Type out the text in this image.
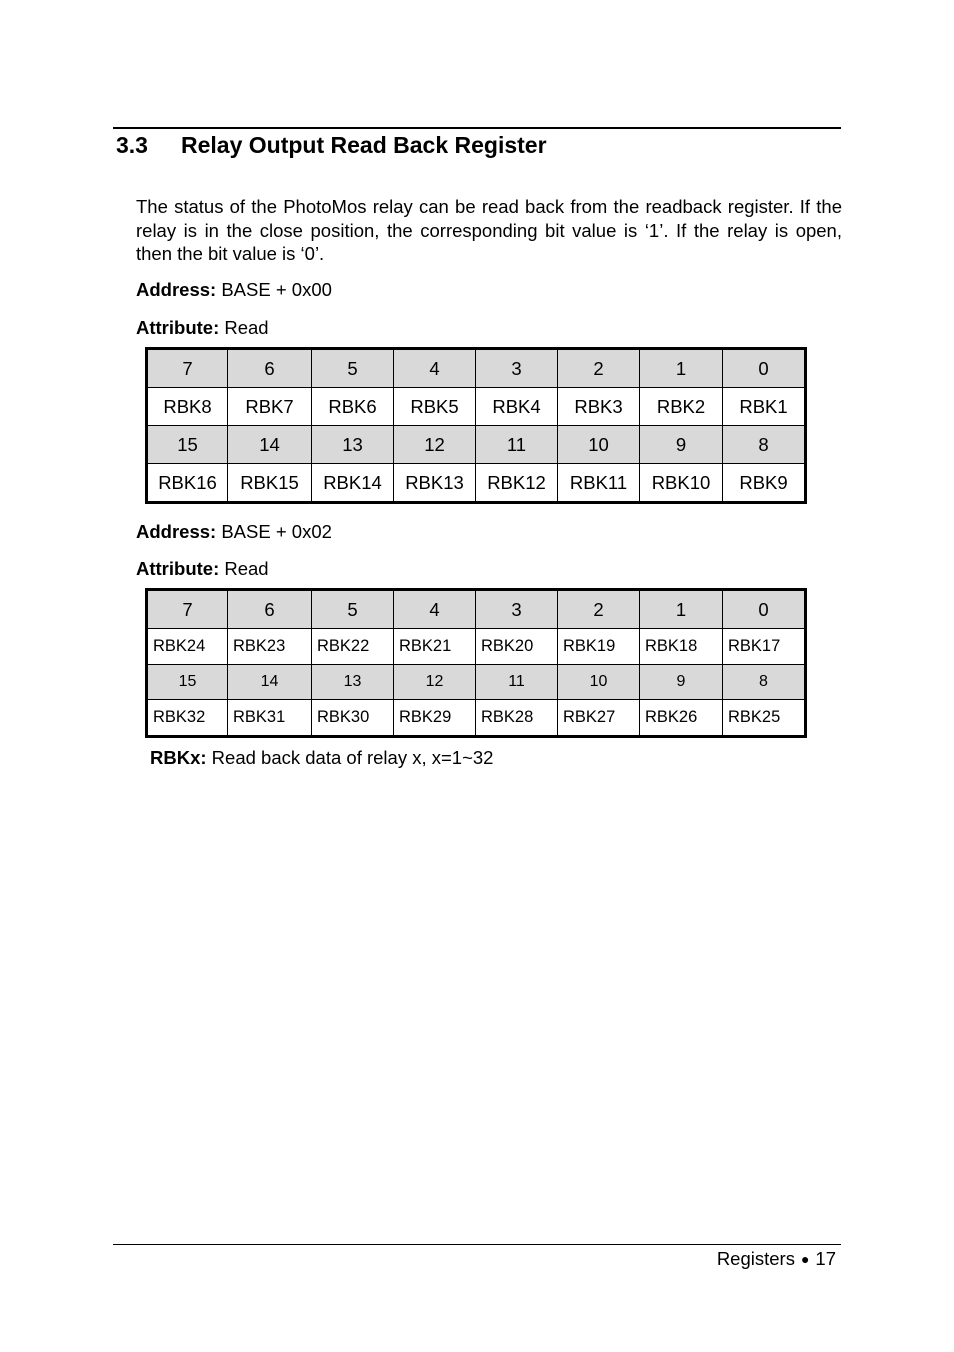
3.3 Relay Output Read Back Register
The status of the PhotoMos relay can be read back from the readback register. If the relay is in the close position, the corresponding bit value is ‘1’. If the relay is open, then the bit value is ‘0’.
Address: BASE + 0x00
Attribute: Read
7	6	5	4	3	2	1	0
RBK8	RBK7	RBK6	RBK5	RBK4	RBK3	RBK2	RBK1
15	14	13	12	11	10	9	8
RBK16	RBK15	RBK14	RBK13	RBK12	RBK11	RBK10	RBK9
Address: BASE + 0x02
Attribute: Read
7	6	5	4	3	2	1	0
RBK24	RBK23	RBK22	RBK21	RBK20	RBK19	RBK18	RBK17
15	14	13	12	11	10	9	8
RBK32	RBK31	RBK30	RBK29	RBK28	RBK27	RBK26	RBK25
RBKx: Read back data of relay x, x=1~32
Registers ● 17
